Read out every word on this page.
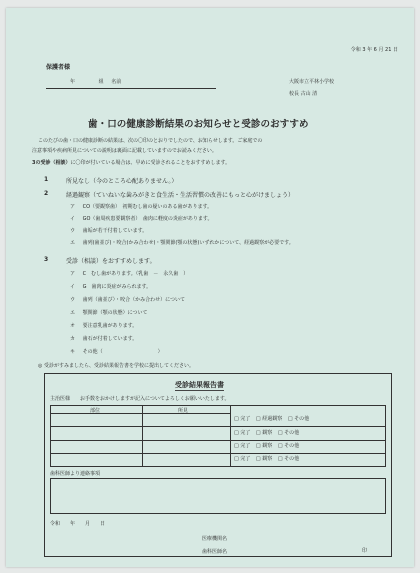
令和 3 年 6 月 21 日
保護者様
年	組 名前	大阪市立平林小学校
校長 古山 清
歯・口の健康診断結果のお知らせと受診のおすすめ
このたびの歯・口の健康診断の結果は、次の〇印のとおりでしたので、お知らせします。ご家庭での
注意事項や疾病所見についての説明は裏面に記載していますのでお読みください。
3の受診（相談）に〇印が付いている場合は、早めに受診されることをおすすめします。
1	所見なし（今のところ心配ありません。）
2	経過観察（ていねいな歯みがきと食生活・生活習慣の改善にもっと心がけましょう）
ア CO（要観察歯）　初期むし歯の疑いのある歯があります。
イ GO（歯周疾患要観察者）　歯肉に軽度の炎症があります。
ウ 歯垢が若干付着しています。
エ 歯列(歯並び)・咬合(かみ合わせ)・顎関節(顎の状態)いずれかについて、経過観察が必要です。
3	受診（相談）をおすすめします。
ア C　むし歯があります。（乳歯　－　永久歯　）
イ G　歯肉に炎症がみられます。
ウ 歯列（歯並び）・咬合（かみ合わせ）について
エ 顎関節（顎の状態）について
オ 要注意乳歯があります。
カ 歯石が付着しています。
キ その他（　　　　　　　　　　　）
◎ 受診がすみましたら、受診結果報告書を学校に提出してください。
受診結果報告書
主治医様　　お手数をおかけしますが記入についてよろしくお願いいたします。
部位	所見
□ 完了 □ 経過観察 □ その他
□ 完了 □ 観察 □ その他
□ 完了 □ 観察 □ その他
□ 完了 □ 観察 □ その他
歯科医師より連絡事項
令和　　年　　月　　日
医療機関名
歯科医師名	印
